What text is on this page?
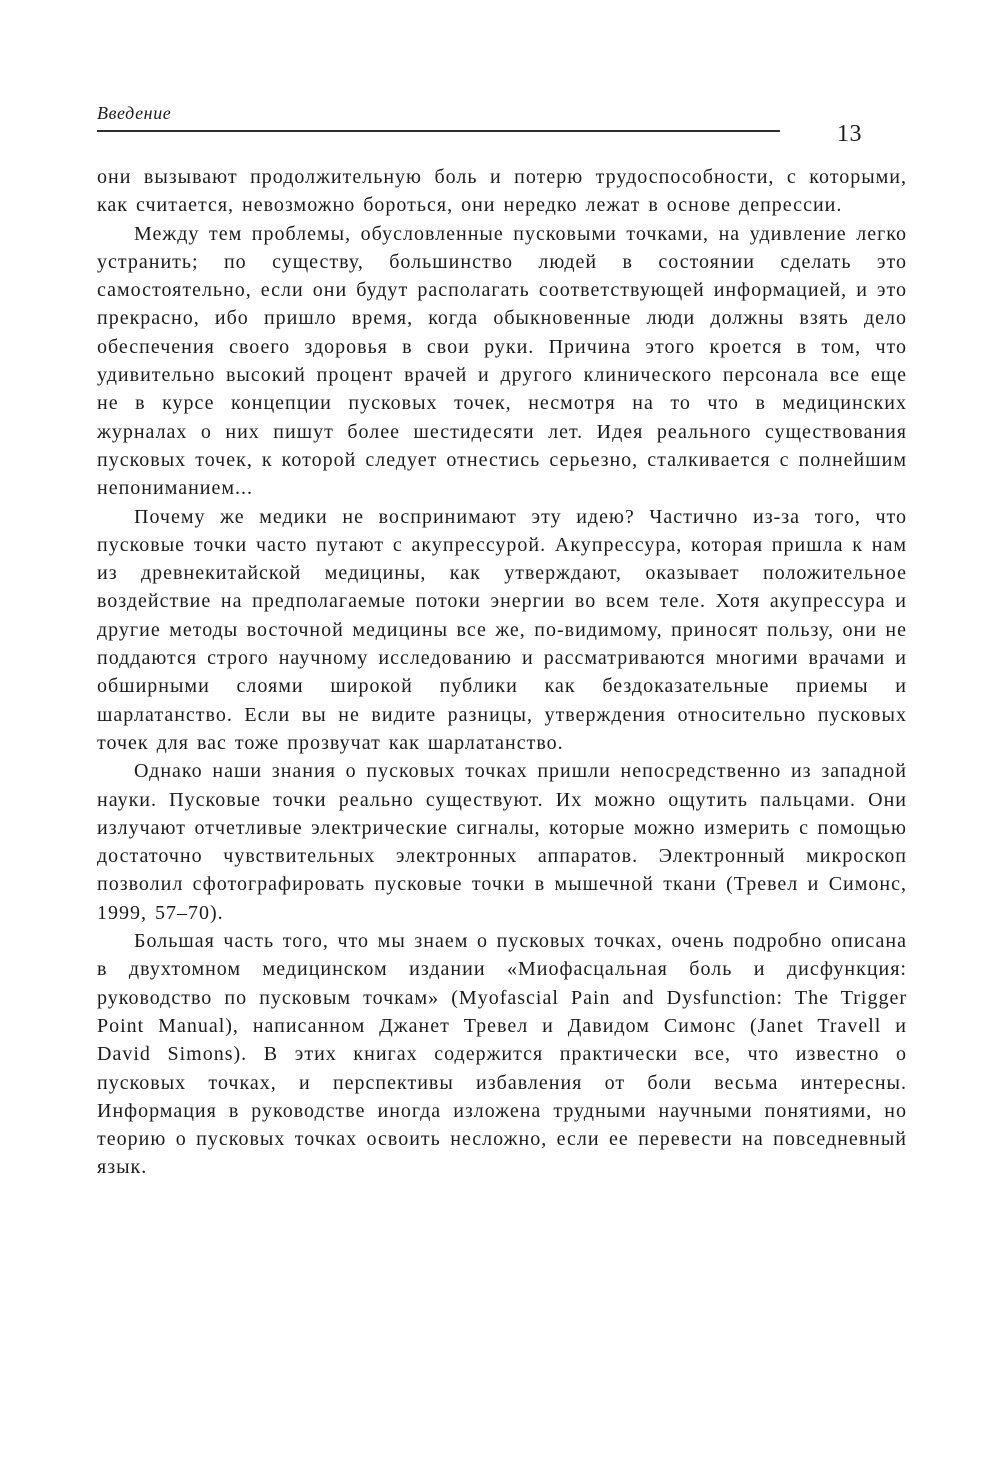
Введение
13

они вызывают продолжительную боль и потерю трудоспособности, с которыми, как считается, невозможно бороться, они нередко лежат в основе депрессии.

Между тем проблемы, обусловленные пусковыми точками, на удивление легко устранить; по существу, большинство людей в состоянии сделать это самостоятельно, если они будут располагать соответствующей информацией, и это прекрасно, ибо пришло время, когда обыкновенные люди должны взять дело обеспечения своего здоровья в свои руки. Причина этого кроется в том, что удивительно высокий процент врачей и другого клинического персонала все еще не в курсе концепции пусковых точек, несмотря на то что в медицинских журналах о них пишут более шестидесяти лет. Идея реального существования пусковых точек, к которой следует отнестись серьезно, сталкивается с полнейшим непониманием...

Почему же медики не воспринимают эту идею? Частично из-за того, что пусковые точки часто путают с акупрессурой. Акупрессура, которая пришла к нам из древнекитайской медицины, как утверждают, оказывает положительное воздействие на предполагаемые потоки энергии во всем теле. Хотя акупрессура и другие методы восточной медицины все же, по-видимому, приносят пользу, они не поддаются строго научному исследованию и рассматриваются многими врачами и обширными слоями широкой публики как бездоказательные приемы и шарлатанство. Если вы не видите разницы, утверждения относительно пусковых точек для вас тоже прозвучат как шарлатанство.

Однако наши знания о пусковых точках пришли непосредственно из западной науки. Пусковые точки реально существуют. Их можно ощутить пальцами. Они излучают отчетливые электрические сигналы, которые можно измерить с помощью достаточно чувствительных электронных аппаратов. Электронный микроскоп позволил сфотографировать пусковые точки в мышечной ткани (Тревел и Симонс, 1999, 57–70).

Большая часть того, что мы знаем о пусковых точках, очень подробно описана в двухтомном медицинском издании «Миофасцальная боль и дисфункция: руководство по пусковым точкам» (Myofascial Pain and Dysfunction: The Trigger Point Manual), написанном Джанет Тревел и Давидом Симонс (Janet Travell и David Simons). В этих книгах содержится практически все, что известно о пусковых точках, и перспективы избавления от боли весьма интересны. Информация в руководстве иногда изложена трудными научными понятиями, но теорию о пусковых точках освоить несложно, если ее перевести на повседневный язык.
